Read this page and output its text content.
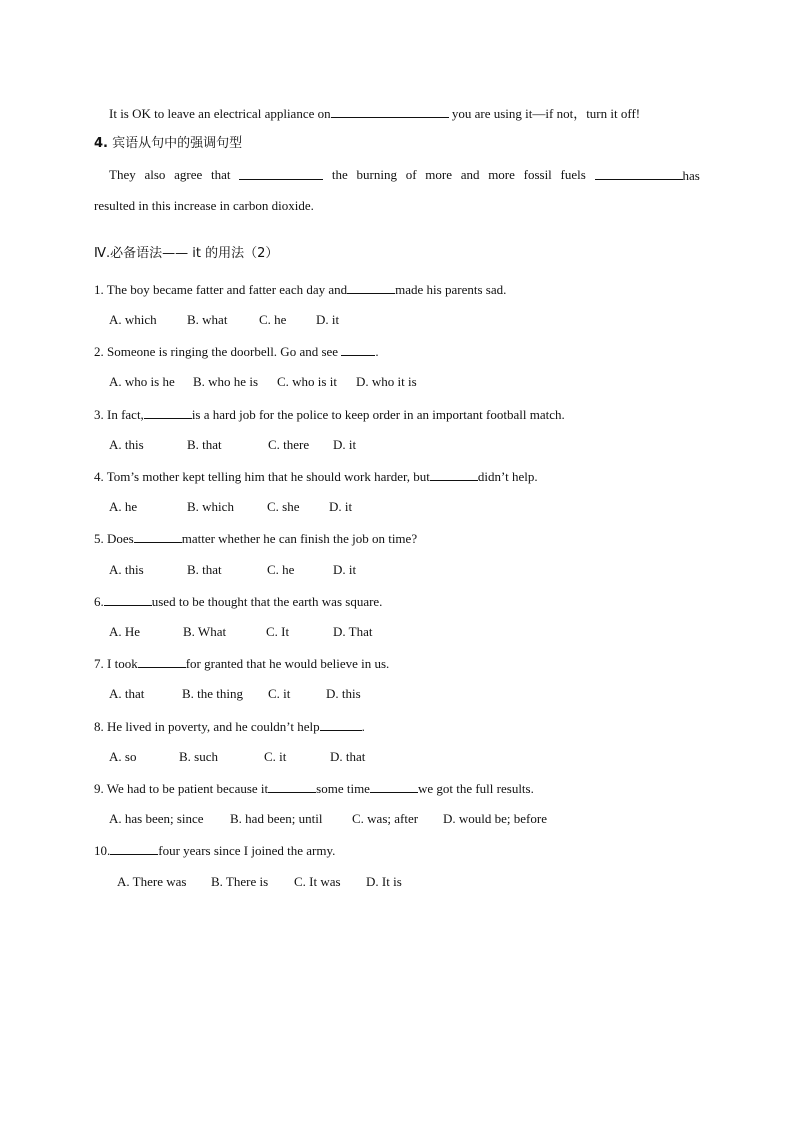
It is OK to leave an electrical appliance on	you are using it—if not，turn it off!
4. 宾语从句中的强调句型
They also agree that	the burning of more and more fossil fuels	has
resulted in this increase in carbon dioxide.
Ⅳ.必备语法—— it 的用法（2）
1. The boy became fatter and fatter each day and	made his parents sad.
A. which B. what C. he D. it
2. Someone is ringing the doorbell. Go and see	.
A. who is he B. who he is C. who is it D. who it is
3. In fact,	is a hard job for the police to keep order in an important football match.
A. this	B. that	C. there D. it
4. Tom’s mother kept telling him that he should work harder, but	didn’t help.
A. he	B. which	C. she D. it
5. Does	matter whether he can finish the job on time?
A. this	B. that	C. he	D. it
6.	used to be thought that the earth was square.
A. He	B. What	C. It	D. That
7. I took	for granted that he would believe in us.
A. that	B. the thing C. it	D. this
8. He lived in poverty, and he couldn’t help	.
A. so	B. such	C. it	D. that
9. We had to be patient because it	some time	we got the full results.
A. has been; since B. had been; until C. was; after D. would be; before
10.	four years since I joined the army.
A. There was B. There is C. It was D. It is
